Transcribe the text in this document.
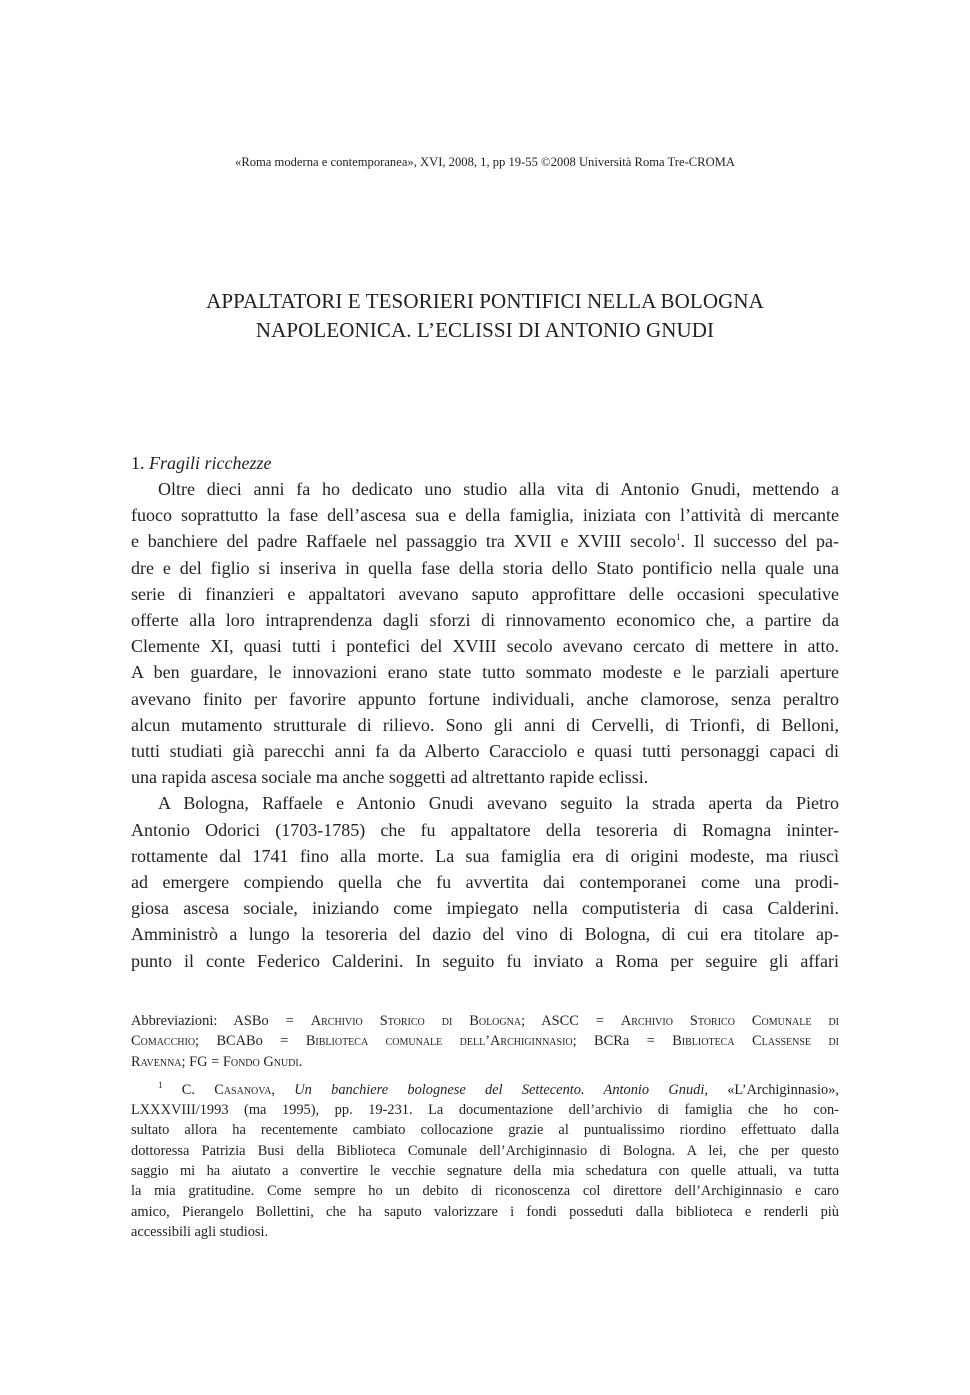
«Roma moderna e contemporanea», XVI, 2008, 1, pp 19-55 ©2008 Università Roma Tre-CROMA
APPALTATORI E TESORIERI PONTIFICI NELLA BOLOGNA
NAPOLEONICA. L’ECLISSI DI ANTONIO GNUDI
1. Fragili ricchezze
Oltre dieci anni fa ho dedicato uno studio alla vita di Antonio Gnudi, mettendo a
fuoco soprattutto la fase dell’ascesa sua e della famiglia, iniziata con l’attività di mercante
e banchiere del padre Raffaele nel passaggio tra XVII e XVIII secolo$^1$. Il successo del pa-
dre e del figlio si inseriva in quella fase della storia dello Stato pontificio nella quale una
serie di finanzieri e appaltatori avevano saputo approfittare delle occasioni speculative
offerte alla loro intraprendenza dagli sforzi di rinnovamento economico che, a partire da
Clemente XI, quasi tutti i pontefici del XVIII secolo avevano cercato di mettere in atto.
A ben guardare, le innovazioni erano state tutto sommato modeste e le parziali aperture
avevano finito per favorire appunto fortune individuali, anche clamorose, senza peraltro
alcun mutamento strutturale di rilievo. Sono gli anni di Cervelli, di Trionfi, di Belloni,
tutti studiati già parecchi anni fa da Alberto Caracciolo e quasi tutti personaggi capaci di
una rapida ascesa sociale ma anche soggetti ad altrettanto rapide eclissi.
A Bologna, Raffaele e Antonio Gnudi avevano seguito la strada aperta da Pietro
Antonio Odorici (1703-1785) che fu appaltatore della tesoreria di Romagna ininter-
rottamente dal 1741 fino alla morte. La sua famiglia era di origini modeste, ma riuscì
ad emergere compiendo quella che fu avvertita dai contemporanei come una prodi-
giosa ascesa sociale, iniziando come impiegato nella computisteria di casa Calderini.
Amministrò a lungo la tesoreria del dazio del vino di Bologna, di cui era titolare ap-
punto il conte Federico Calderini. In seguito fu inviato a Roma per seguire gli affari
Abbreviazioni: ASBo = Archivio Storico di Bologna; ASCC = Archivio Storico Comunale di
Comacchio; BCABo = Biblioteca comunale dell’Archiginnasio; BCRa = Biblioteca Classense di
Ravenna; FG = Fondo Gnudi.
$^1$ C. Casanova, Un banchiere bolognese del Settecento. Antonio Gnudi, «L’Archiginnasio»,
LXXXVIII/1993 (ma 1995), pp. 19-231. La documentazione dell’archivio di famiglia che ho con-
sultato allora ha recentemente cambiato collocazione grazie al puntualissimo riordino effettuato dalla
dottoressa Patrizia Busi della Biblioteca Comunale dell’Archiginnasio di Bologna. A lei, che per questo
saggio mi ha aiutato a convertire le vecchie segnature della mia schedatura con quelle attuali, va tutta
la mia gratitudine. Come sempre ho un debito di riconoscenza col direttore dell’Archiginnasio e caro
amico, Pierangelo Bollettini, che ha saputo valorizzare i fondi posseduti dalla biblioteca e renderli più
accessibili agli studiosi.
